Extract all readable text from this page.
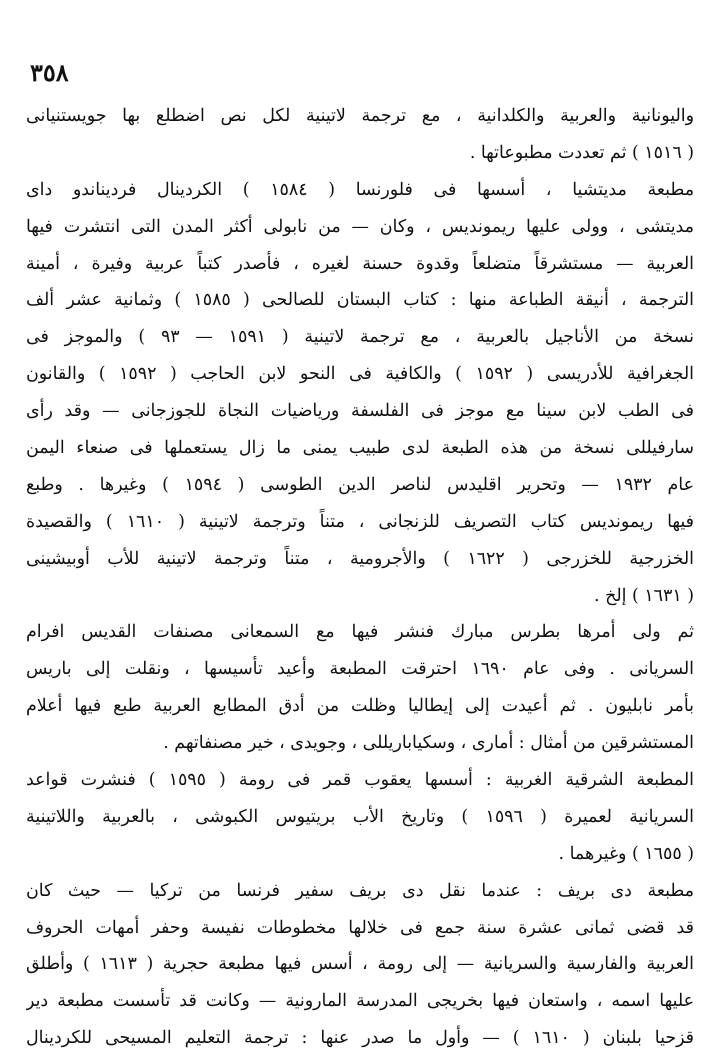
٣٥٨
واليونانية والعربية والكلدانية ، مع ترجمة لاتينية لكل نص اضطلع بها جويستنيانى
( ١٥١٦ ) ثم تعددت مطبوعاتها .
مطبعة مديتشيا ، أسسها فى فلورنسا ( ١٥٨٤ ) الكردينال فرديناندو داى
مديتشى ، وولى عليها ريمونديس ، وكان — من نابولى أكثر المدن التى انتشرت فيها
العربية — مستشرقاً متضلعاً وقدوة حسنة لغيره ، فأصدر كتباً عربية وفيرة ، أمينة
الترجمة ، أنيقة الطباعة منها : كتاب البستان للصالحى ( ١٥٨٥ ) وثمانية عشر ألف
نسخة من الأناجيل بالعربية ، مع ترجمة لاتينية ( ١٥٩١ — ٩٣ ) والموجز فى
الجغرافية للأدريسى ( ١٥٩٢ ) والكافية فى النحو لابن الحاجب ( ١٥٩٢ ) والقانون
فى الطب لابن سينا مع موجز فى الفلسفة ورياضيات النجاة للجوزجانى — وقد رأى
سارفيللى نسخة من هذه الطبعة لدى طبيب يمنى ما زال يستعملها فى صنعاء اليمن
عام ١٩٣٢ — وتحرير اقليدس لناصر الدين الطوسى ( ١٥٩٤ ) وغيرها . وطبع
فيها ريمونديس كتاب التصريف للزنجانى ، متناً وترجمة لاتينية ( ١٦١٠ ) والقصيدة
الخزرجية للخزرجى ( ١٦٢٢ ) والأجرومية ، متناً وترجمة لاتينية للأب أوبيشينى
( ١٦٣١ ) إلخ .
ثم ولى أمرها بطرس مبارك فنشر فيها مع السمعانى مصنفات القديس افرام
السريانى . وفى عام ١٦٩٠ احترقت المطبعة وأعيد تأسيسها ، ونقلت إلى باريس
بأمر نابليون . ثم أعيدت إلى إيطاليا وظلت من أدق المطابع العربية طبع فيها أعلام
المستشرقين من أمثال : أمارى ، وسكياباريللى ، وجويدى ، خير مصنفاتهم .
المطبعة الشرقية الغربية : أسسها يعقوب قمر فى رومة ( ١٥٩٥ ) فنشرت قواعد
السريانية لعميرة ( ١٥٩٦ ) وتاريخ الأب بريتيوس الكبوشى ، بالعربية واللاتينية
( ١٦٥٥ ) وغيرهما .
مطبعة دى بريف : عندما نقل دى بريف سفير فرنسا من تركيا — حيث كان
قد قضى ثمانى عشرة سنة جمع فى خلالها مخطوطات نفيسة وحفر أمهات الحروف
العربية والفارسية والسريانية — إلى رومة ، أسس فيها مطبعة حجرية ( ١٦١٣ ) وأطلق
عليها اسمه ، واستعان فيها بخريجى المدرسة المارونية — وكانت قد تأسست مطبعة دير
قزحيا بلبنان ( ١٦١٠ ) — وأول ما صدر عنها : ترجمة التعليم المسيحى للكردينال
